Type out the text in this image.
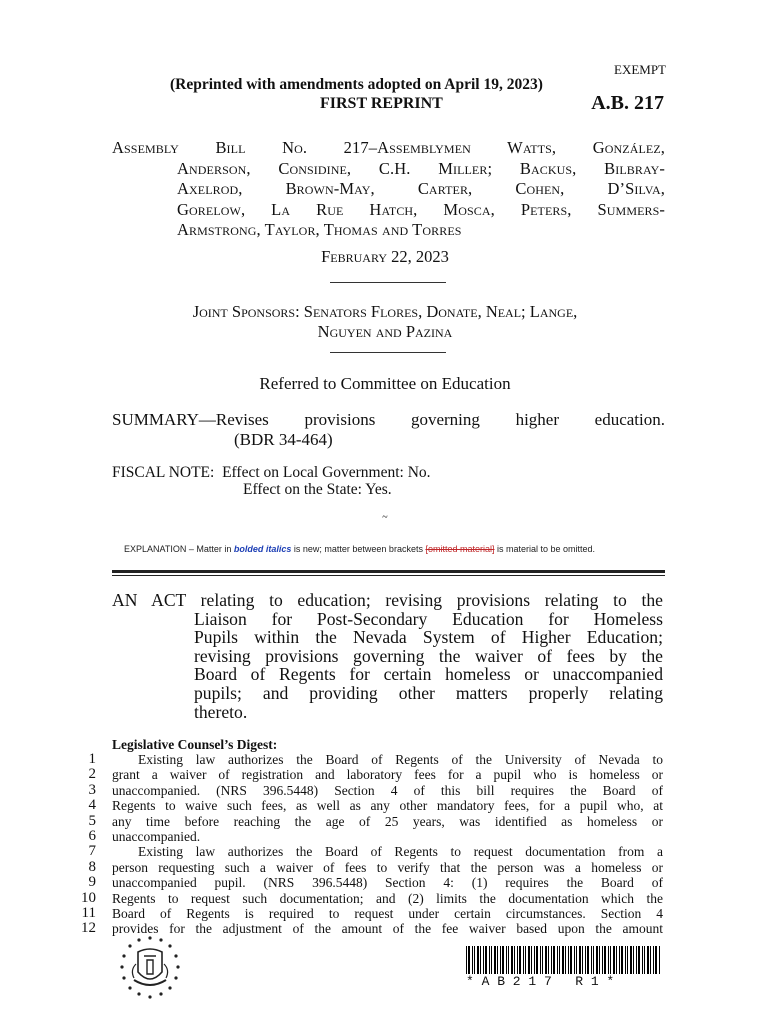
EXEMPT
(Reprinted with amendments adopted on April 19, 2023)
FIRST REPRINT	A.B. 217
Assembly Bill No. 217–Assemblymen Watts, González,
Anderson, Considine, C.H. Miller; Backus, Bilbray-
Axelrod, Brown-May, Carter, Cohen, D’Silva,
Gorelow, La Rue Hatch, Mosca, Peters, Summers-
Armstrong, Taylor, Thomas and Torres
February 22, 2023
Joint Sponsors: Senators Flores, Donate, Neal; Lange,
Nguyen and Pazina
Referred to Committee on Education
SUMMARY—Revises provisions governing higher education.
(BDR 34-464)
FISCAL NOTE:  Effect on Local Government: No.
Effect on the State: Yes.
~
EXPLANATION – Matter in bolded italics is new; matter between brackets [omitted material] is material to be omitted.
AN ACT relating to education; revising provisions relating to the
Liaison for Post-Secondary Education for Homeless
Pupils within the Nevada System of Higher Education;
revising provisions governing the waiver of fees by the
Board of Regents for certain homeless or unaccompanied
pupils; and providing other matters properly relating
thereto.
Legislative Counsel’s Digest:
1
2
3
4
5
6
7
8
9
10
11
12
Existing law authorizes the Board of Regents of the University of Nevada to
grant a waiver of registration and laboratory fees for a pupil who is homeless or
unaccompanied. (NRS 396.5448) Section 4 of this bill requires the Board of
Regents to waive such fees, as well as any other mandatory fees, for a pupil who, at
any time before reaching the age of 25 years, was identified as homeless or
unaccompanied.
Existing law authorizes the Board of Regents to request documentation from a
person requesting such a waiver of fees to verify that the person was a homeless or
unaccompanied pupil. (NRS 396.5448) Section 4: (1) requires the Board of
Regents to request such documentation; and (2) limits the documentation which the
Board of Regents is required to request under certain circumstances. Section 4
provides for the adjustment of the amount of the fee waiver based upon the amount
* A B 2 1 7   R 1 *
